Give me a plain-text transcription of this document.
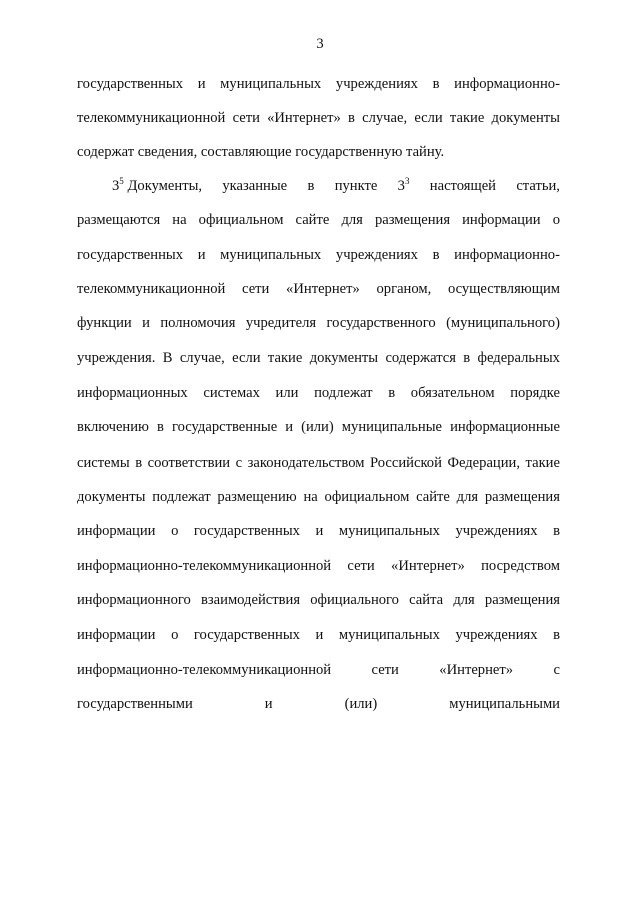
3
государственных и муниципальных учреждениях в информационно-
телекоммуникационной сети «Интернет» в случае, если такие документы
содержат сведения, составляющие государственную тайну.
$3^5$ Документы, указанные в пункте $3^3$ настоящей статьи,
размещаются на официальном сайте для размещения информации о
государственных и муниципальных учреждениях в информационно-
телекоммуникационной сети «Интернет» органом, осуществляющим
функции и полномочия учредителя государственного (муниципального)
учреждения. В случае, если такие документы содержатся в федеральных
информационных системах или подлежат в обязательном порядке
включению в государственные и (или) муниципальные информационные
системы в соответствии с законодательством Российской Федерации, такие
документы подлежат размещению на официальном сайте для размещения
информации о государственных и муниципальных учреждениях в
информационно-телекоммуникационной сети «Интернет» посредством
информационного взаимодействия официального сайта для размещения
информации о государственных и муниципальных учреждениях в
информационно-телекоммуникационной	сети	«Интернет»	с
государственными	и	(или)	муниципальными
